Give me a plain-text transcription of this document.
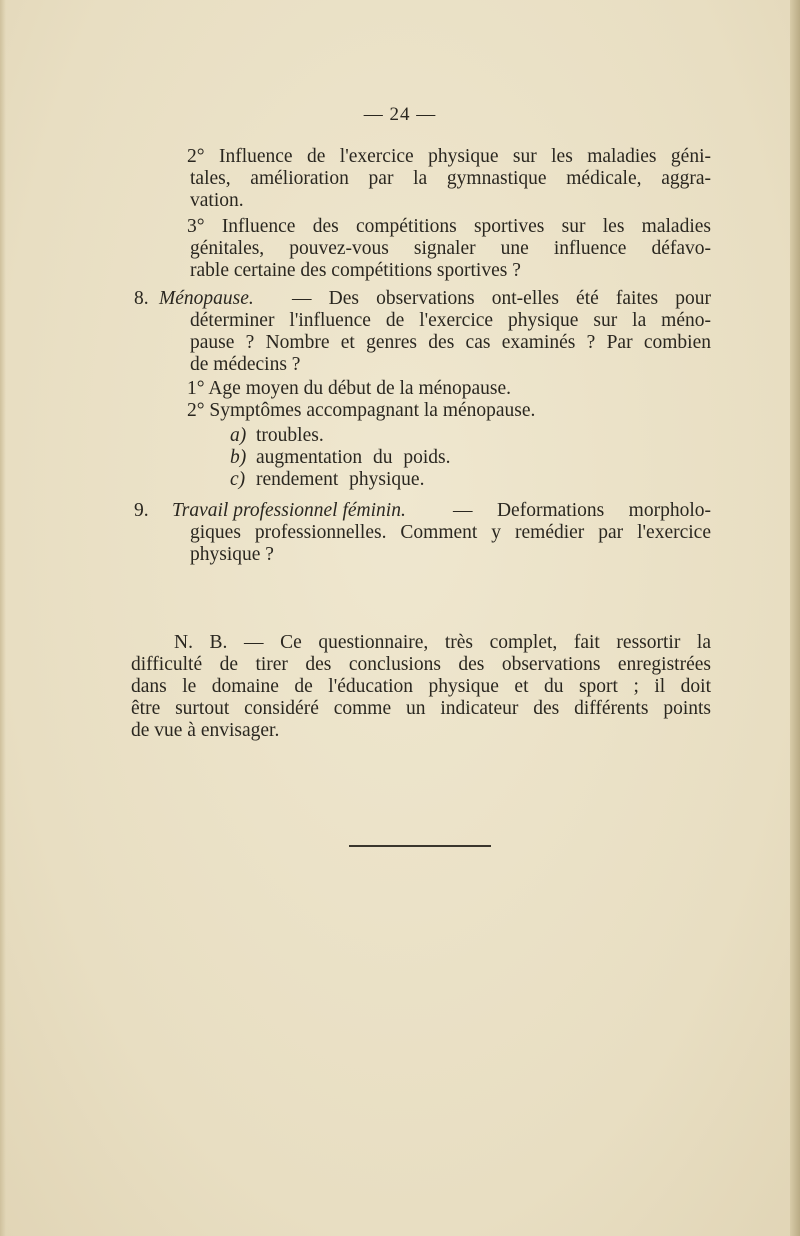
— 24 —
2° Influence de l'exercice physique sur les maladies géni-
tales, amélioration par la gymnastique médicale, aggra-
vation.
3° Influence des compétitions sportives sur les maladies
génitales, pouvez-vous signaler une influence défavo-
rable certaine des compétitions sportives ?
8. Ménopause. — Des observations ont-elles été faites pour
déterminer l'influence de l'exercice physique sur la méno-
pause ? Nombre et genres des cas examinés ? Par combien
de médecins ?
1° Age moyen du début de la ménopause.
2° Symptômes accompagnant la ménopause.
a) troubles.
b) augmentation du poids.
c) rendement physique.
9. Travail professionnel féminin. — Deformations morpholo-
giques professionnelles. Comment y remédier par l'exercice
physique ?
N. B. — Ce questionnaire, très complet, fait ressortir la
difficulté de tirer des conclusions des observations enregistrées
dans le domaine de l'éducation physique et du sport ; il doit
être surtout considéré comme un indicateur des différents points
de vue à envisager.
